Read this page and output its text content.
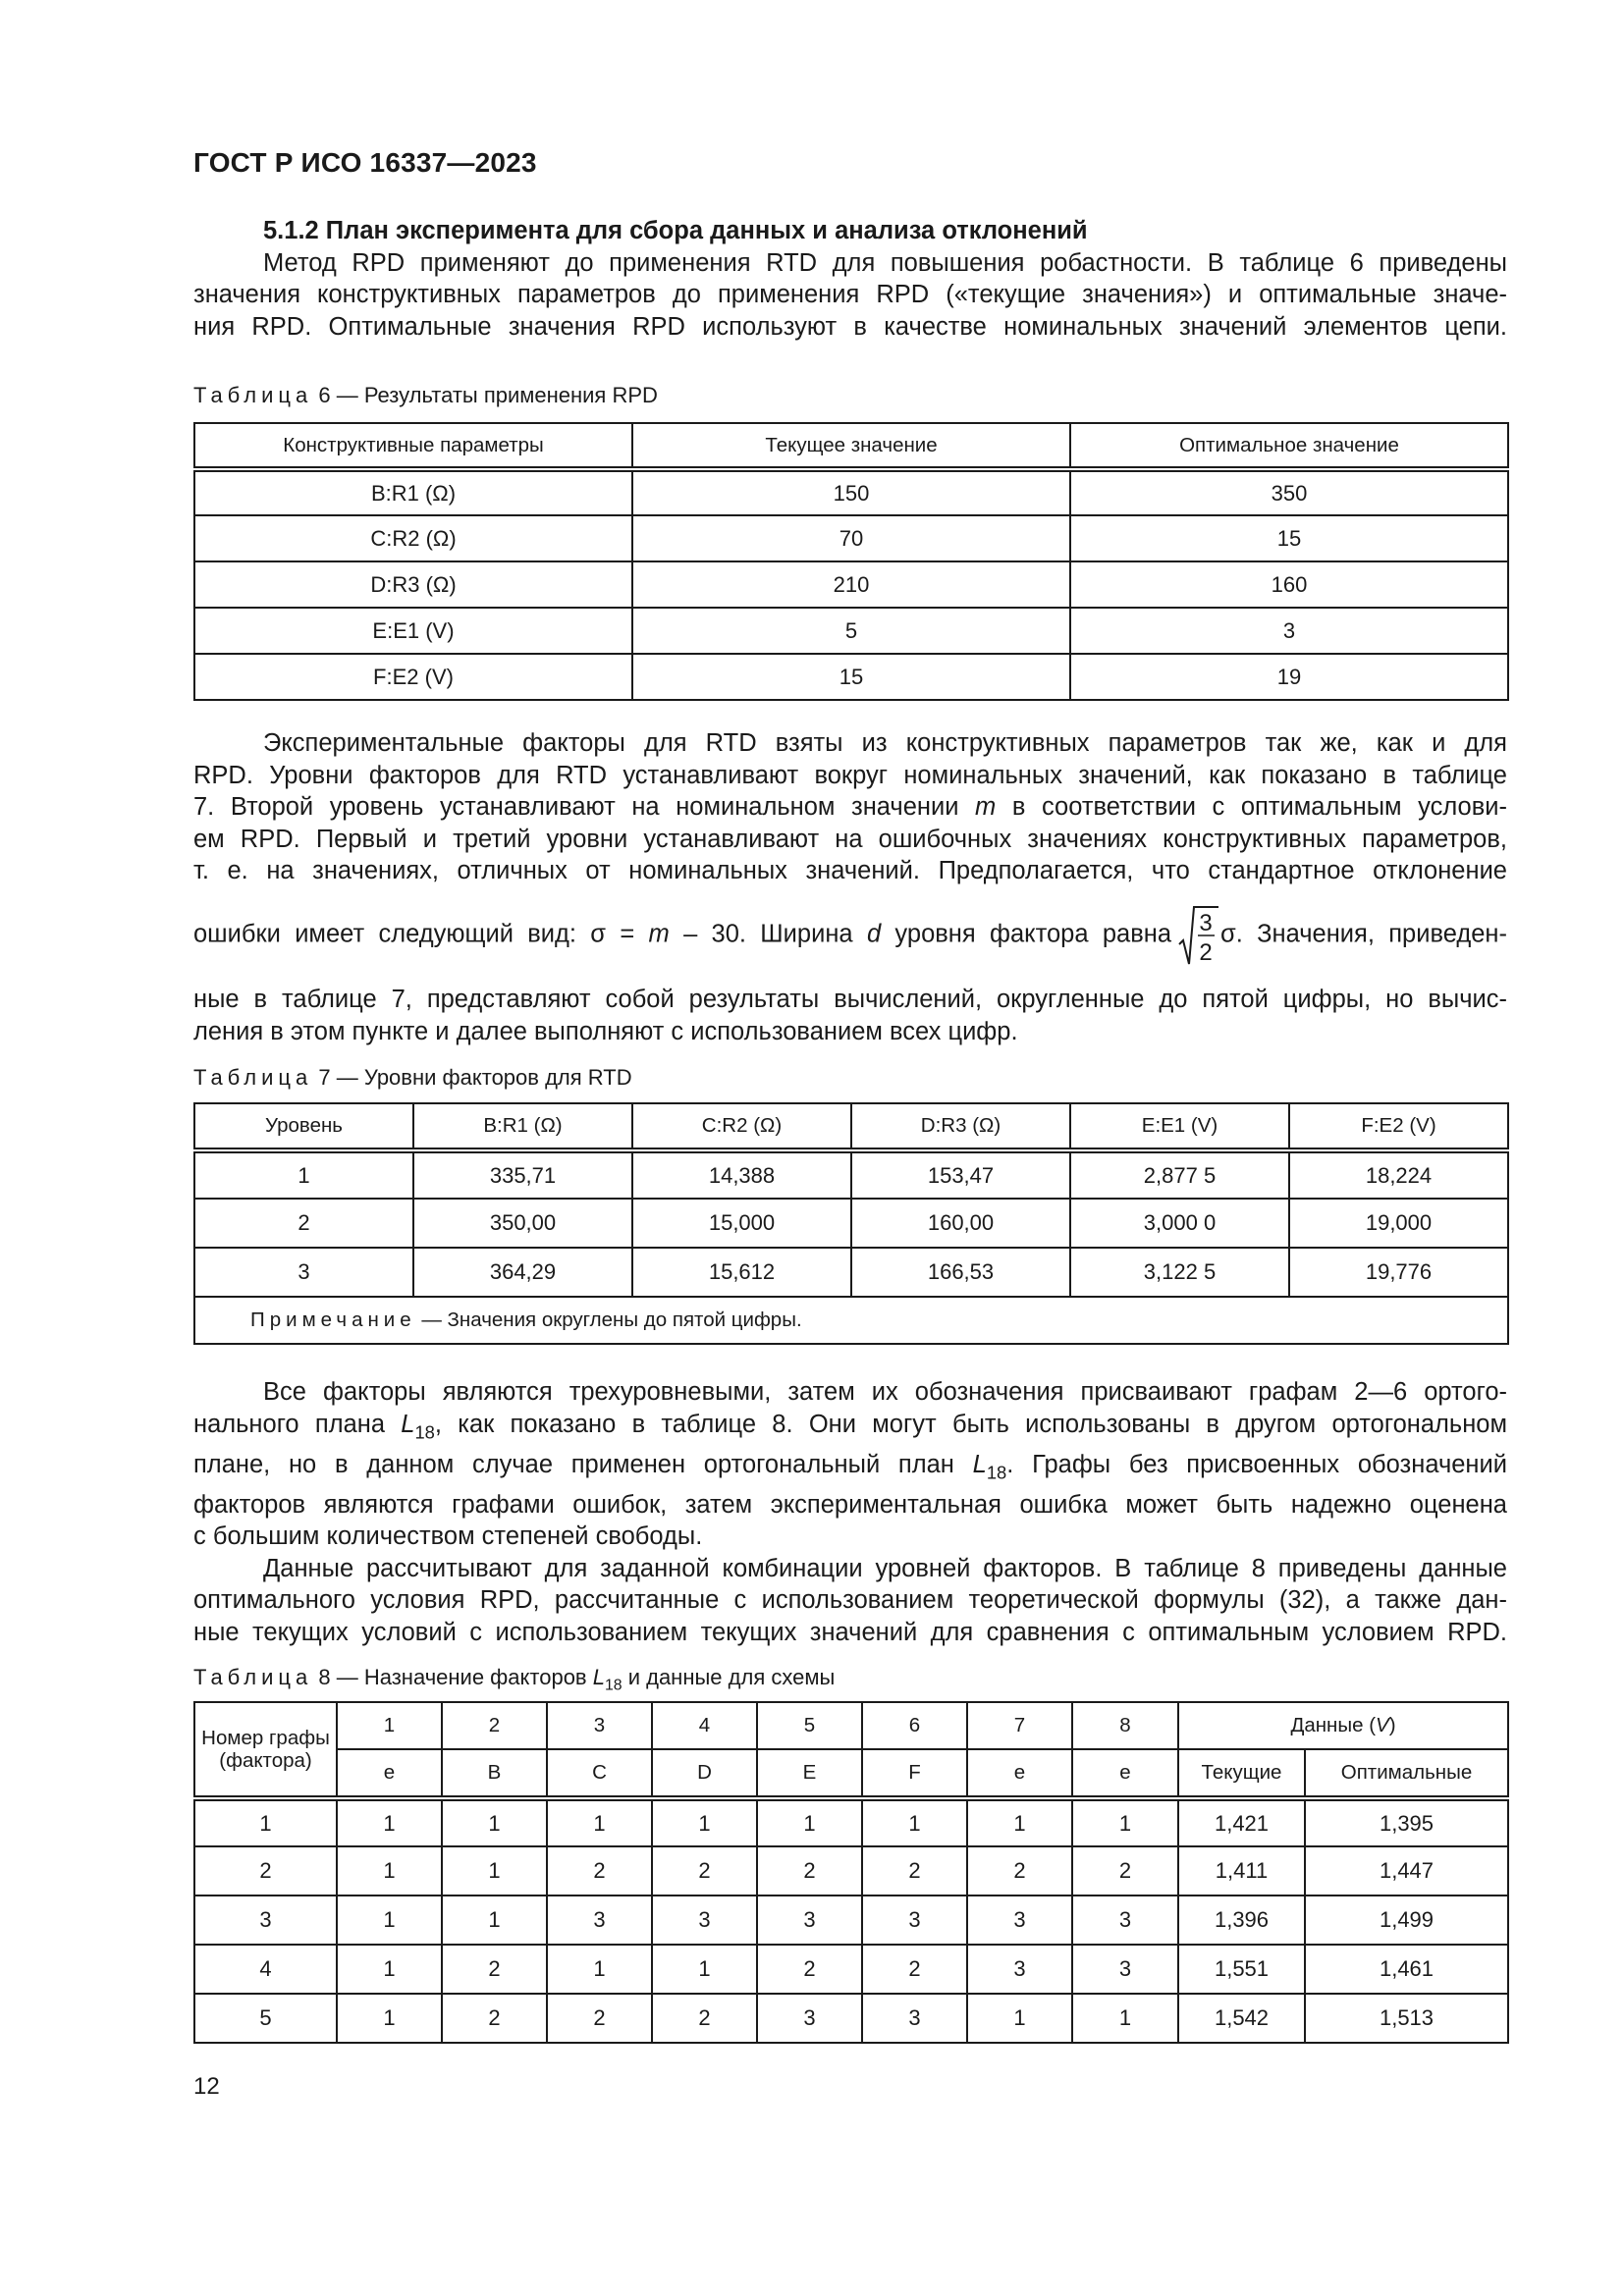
ГОСТ Р ИСО 16337—2023
5.1.2 План эксперимента для сбора данных и анализа отклонений
Метод RPD применяют до применения RTD для повышения робастности. В таблице 6 приведены
значения конструктивных параметров до применения RPD («текущие значения») и оптимальные значе-
ния RPD. Оптимальные значения RPD используют в качестве номинальных значений элементов цепи.
Таблица 6 — Результаты применения RPD
Конструктивные параметры	Текущее значение	Оптимальное значение
B:R1 (Ω)	150	350
C:R2 (Ω)	70	15
D:R3 (Ω)	210	160
E:E1 (V)	5	3
F:E2 (V)	15	19
Экспериментальные факторы для RTD взяты из конструктивных параметров так же, как и для
RPD. Уровни факторов для RTD устанавливают вокруг номинальных значений, как показано в таблице
7. Второй уровень устанавливают на номинальном значении m в соответствии с оптимальным услови-
ем RPD. Первый и третий уровни устанавливают на ошибочных значениях конструктивных параметров,
т. е. на значениях, отличных от номинальных значений. Предполагается, что стандартное отклонение
ошибки имеет следующий вид: σ = m – 30. Ширина d уровня фактора равна 3
2
σ. Значения, приведен-
ные в таблице 7, представляют собой результаты вычислений, округленные до пятой цифры, но вычис-
ления в этом пункте и далее выполняют с использованием всех цифр.
Таблица 7 — Уровни факторов для RTD
Уровень	B:R1 (Ω)	C:R2 (Ω)	D:R3 (Ω)	E:E1 (V)	F:E2 (V)
1	335,71	14,388	153,47	2,877 5	18,224
2	350,00	15,000	160,00	3,000 0	19,000
3	364,29	15,612	166,53	3,122 5	19,776
Примечание — Значения округлены до пятой цифры.					
Все факторы являются трехуровневыми, затем их обозначения присваивают графам 2—6 ортого-
нального плана $L_{18}$, как показано в таблице 8. Они могут быть использованы в другом ортогональном
плане, но в данном случае применен ортогональный план $L_{18}$. Графы без присвоенных обозначений
факторов являются графами ошибок, затем экспериментальная ошибка может быть надежно оценена
с большим количеством степеней свободы.
Данные рассчитывают для заданной комбинации уровней факторов. В таблице 8 приведены данные
оптимального условия RPD, рассчитанные с использованием теоретической формулы (32), а также дан-
ные текущих условий с использованием текущих значений для сравнения с оптимальным условием RPD.
Таблица 8 — Назначение факторов $L_{18}$ и данные для схемы
Номер графы (фактора)	1	2	3	4	5	6	7	8	Данные (V)	
	e	B	C	D	E	F	e	e	Текущие	Оптимальные
1	1	1	1	1	1	1	1	1	1,421	1,395
2	1	1	2	2	2	2	2	2	1,411	1,447
3	1	1	3	3	3	3	3	3	1,396	1,499
4	1	2	1	1	2	2	3	3	1,551	1,461
5	1	2	2	2	3	3	1	1	1,542	1,513
12
